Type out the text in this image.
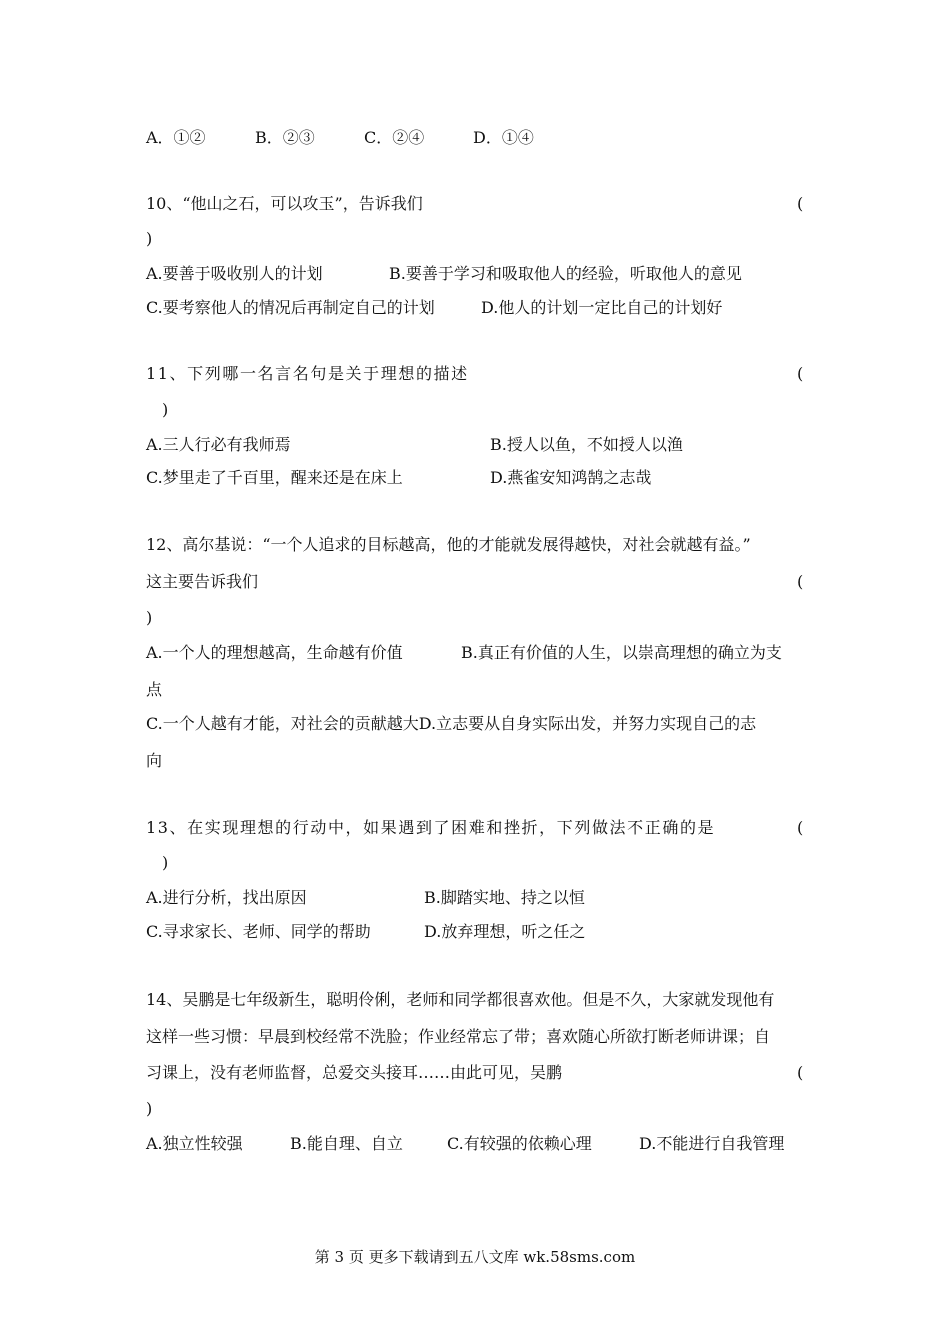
A．①②	B．②③	C．②④	D．①④
10、“他山之石，可以攻玉”，告诉我们	(
)
A.要善于吸收别人的计划	B.要善于学习和吸取他人的经验，听取他人的意见
C.要考察他人的情况后再制定自己的计划	D.他人的计划一定比自己的计划好
11、下列哪一名言名句是关于理想的描述	(
)
A.三人行必有我师焉	B.授人以鱼，不如授人以渔
C.梦里走了千百里，醒来还是在床上	D.燕雀安知鸿鹄之志哉
12、高尔基说：“一个人追求的目标越高，他的才能就发展得越快，对社会就越有益。”
这主要告诉我们	(
)
A.一个人的理想越高，生命越有价值	B.真正有价值的人生，以崇高理想的确立为支
点
C.一个人越有才能，对社会的贡献越大D.立志要从自身实际出发，并努力实现自己的志
向
13、在实现理想的行动中，如果遇到了困难和挫折，下列做法不正确的是	(
)
A.进行分析，找出原因	B.脚踏实地、持之以恒
C.寻求家长、老师、同学的帮助	D.放弃理想，听之任之
14、吴鹏是七年级新生，聪明伶俐，老师和同学都很喜欢他。但是不久，大家就发现他有
这样一些习惯：早晨到校经常不洗脸；作业经常忘了带；喜欢随心所欲打断老师讲课；自
习课上，没有老师监督，总爱交头接耳……由此可见，吴鹏	(
)
A.独立性较强	B.能自理、自立	C.有较强的依赖心理	D.不能进行自我管理
第 3 页 更多下载请到五八文库 wk.58sms.com
